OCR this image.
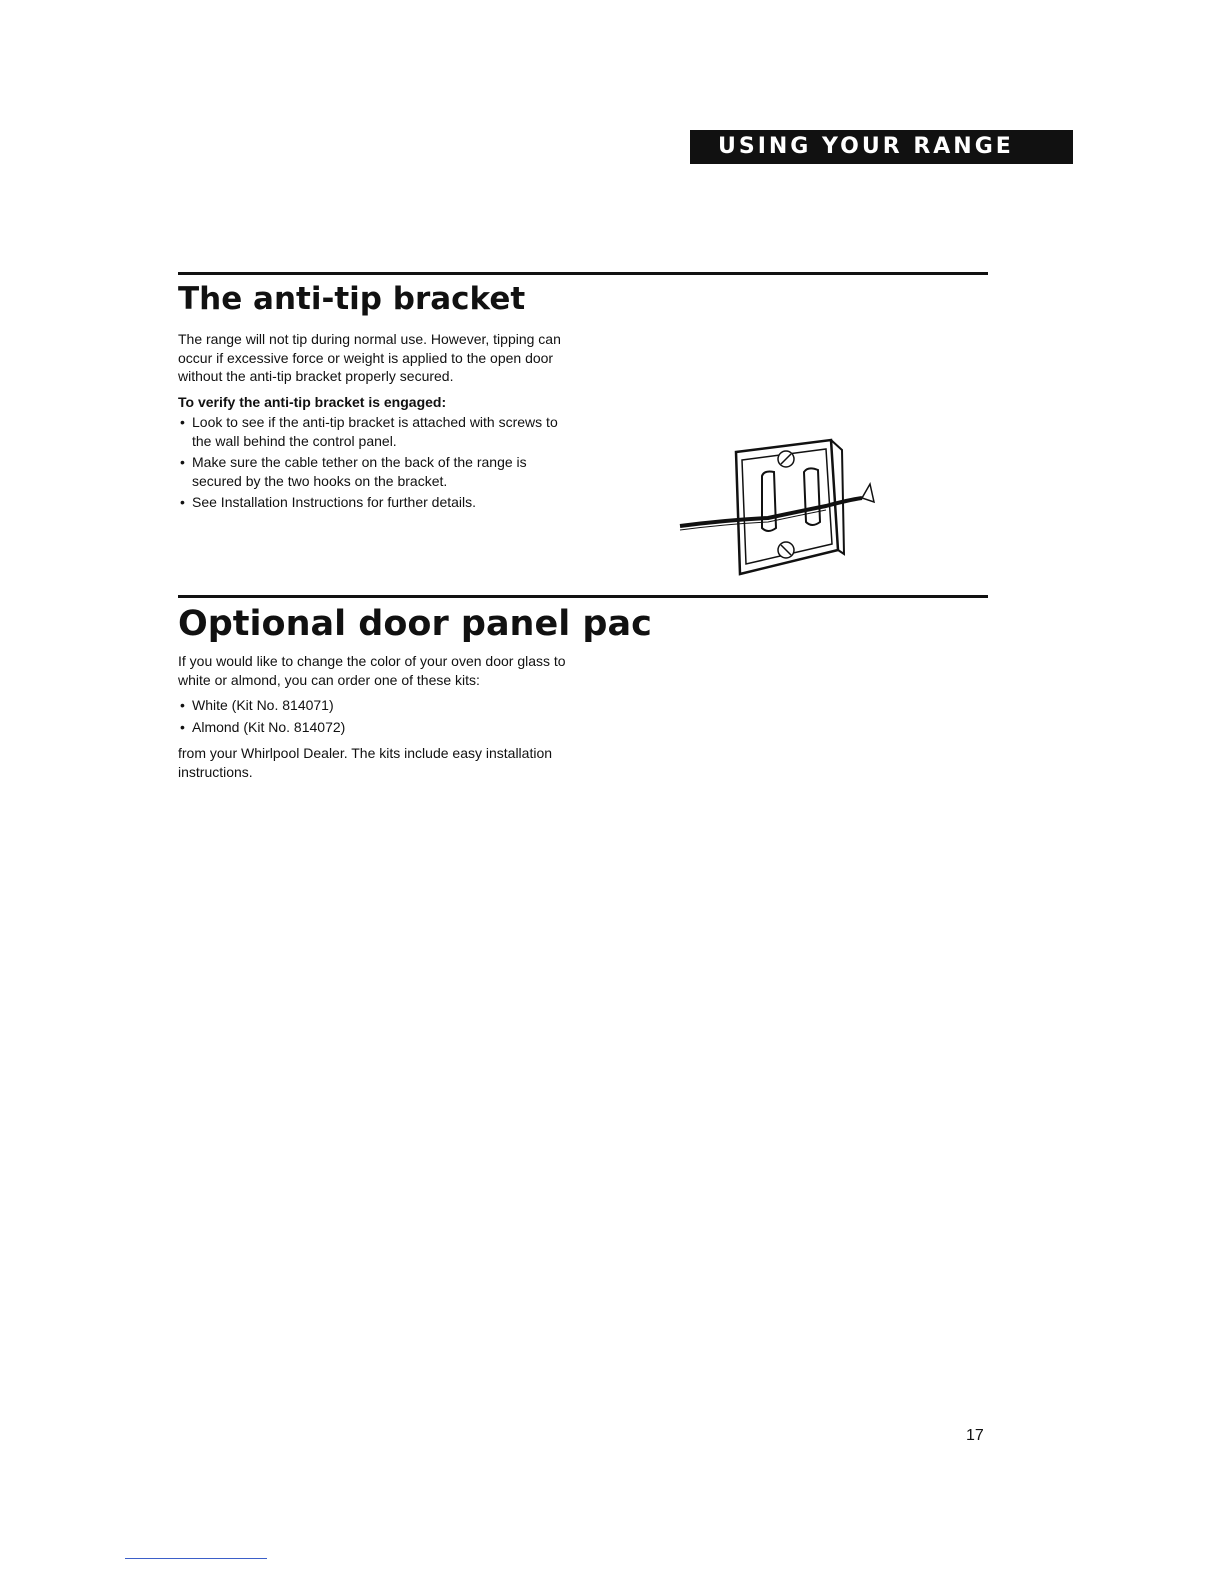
USING YOUR RANGE
The anti-tip bracket

The range will not tip during normal use. However, tipping can occur if excessive force or weight is applied to the open door without the anti-tip bracket properly secured.

To verify the anti-tip bracket is engaged:

• Look to see if the anti-tip bracket is attached with screws to the wall behind the control panel.
• Make sure the cable tether on the back of the range is secured by the two hooks on the bracket.
• See Installation Instructions for further details.
Optional door panel pac

If you would like to change the color of your oven door glass to white or almond, you can order one of these kits:

• White (Kit No. 814071)
• Almond (Kit No. 814072)

from your Whirlpool Dealer. The kits include easy installation instructions.

17
